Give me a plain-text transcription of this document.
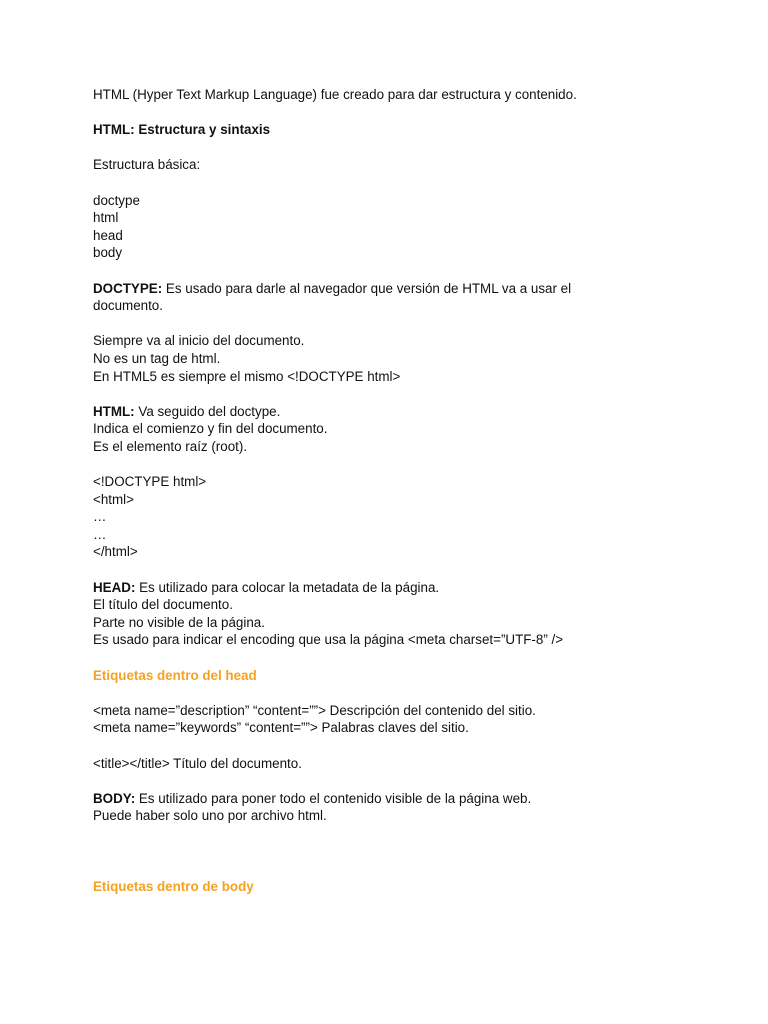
HTML (Hyper Text Markup Language) fue creado para dar estructura y contenido.
HTML: Estructura y sintaxis
Estructura básica:
doctype
html
head
body
DOCTYPE: Es usado para darle al navegador que versión de HTML va a usar el
documento.
Siempre va al inicio del documento.
No es un tag de html.
En HTML5 es siempre el mismo <!DOCTYPE html>
HTML: Va seguido del doctype.
Indica el comienzo y fin del documento.
Es el elemento raíz (root).
<!DOCTYPE html>
<html>
…
…
</html>
HEAD: Es utilizado para colocar la metadata de la página.
El título del documento.
Parte no visible de la página.
Es usado para indicar el encoding que usa la página <meta charset=”UTF-8” />
Etiquetas dentro del head
<meta name=”description” “content=””> Descripción del contenido del sitio.
<meta name=”keywords” “content=””> Palabras claves del sitio.
<title></title> Título del documento.
BODY: Es utilizado para poner todo el contenido visible de la página web.
Puede haber solo uno por archivo html.
Etiquetas dentro de body
